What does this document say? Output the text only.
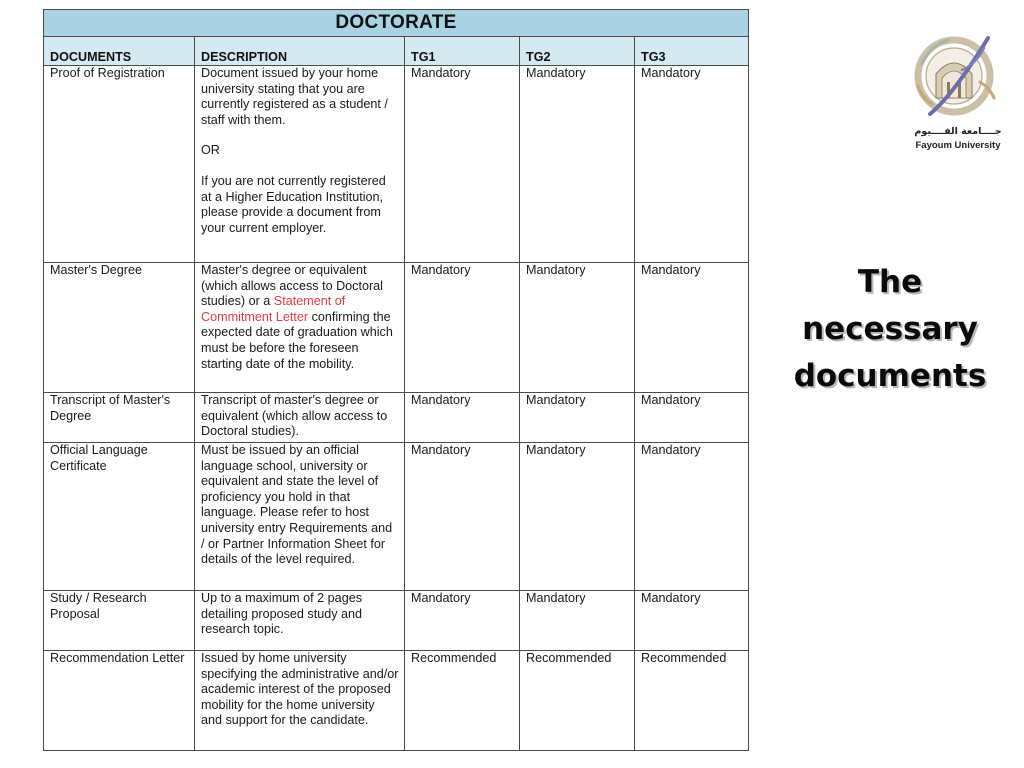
DOCTORATE				
DOCUMENTS	DESCRIPTION	TG1	TG2	TG3
Proof of Registration	Document issued by your home university stating that you are currently registered as a student / staff with them.
OR
If you are not currently registered at a Higher Education Institution, please provide a document from your current employer.	Mandatory	Mandatory	Mandatory
Master's Degree	Master's degree or equivalent (which allows access to Doctoral studies) or a Statement of Commitment Letter confirming the expected date of graduation which must be before the foreseen starting date of the mobility.	Mandatory	Mandatory	Mandatory
Transcript of Master's Degree	Transcript of master's degree or equivalent (which allow access to Doctoral studies).	Mandatory	Mandatory	Mandatory
Official Language Certificate	Must be issued by an official language school, university or equivalent and state the level of proficiency you hold in that language. Please refer to host university entry Requirements and / or Partner Information Sheet for details of the level required.	Mandatory	Mandatory	Mandatory
Study / Research Proposal	Up to a maximum of 2 pages detailing proposed study and research topic.	Mandatory	Mandatory	Mandatory
Recommendation Letter	Issued by home university specifying the administrative and/or academic interest of the proposed mobility for the home university and support for the candidate.	Recommended	Recommended	Recommended
جــــامعة الفــــيوم
Fayoum University
The
necessary
documents
